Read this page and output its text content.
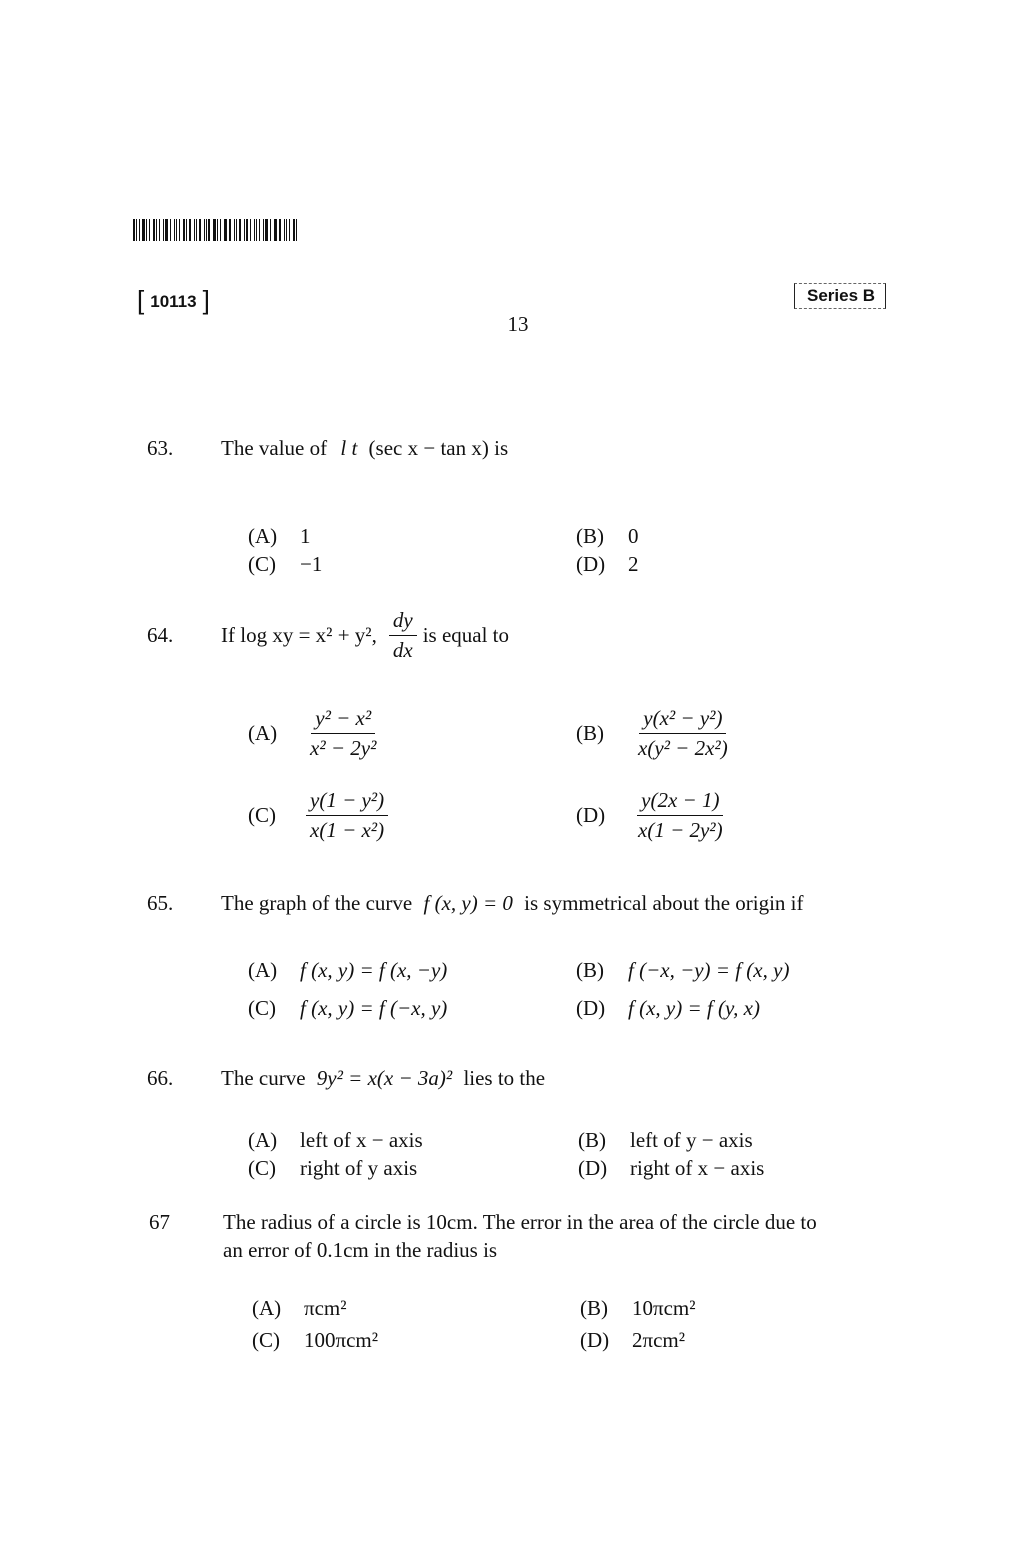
[ 10113 ]	Series B
13
63. The value of l t (sec x − tan x) is
(A) 1	(B) 0
(C) −1	(D) 2
64. If log xy = x² + y², $\frac{dy}{dx}$ is equal to
(A)	$\frac{\text{y² − x²}}{\text{x² − 2y²}}$	(B)	$\frac{\text{y(x² − y²)}}{\text{x(y² − 2x²)}}$
(C)	$\frac{\text{y(1 − y²)}}{\text{x(1 − x²)}}$	(D)	$\frac{y(2x - 1)}{\text{x(1 − 2y²)}}$
65. The graph of the curve f (x, y) = 0 is symmetrical about the origin if
(A) f (x, y) = f (x, −y)	(B) f (−x, −y) = f (x, y)
(C) f (x, y) = f (−x, y)	(D) f (x, y) = f (y, x)
66. The curve 9y² = x(x − 3a)² lies to the
(A) left of x − axis	(B) left of y − axis
(C) right of y axis	(D) right of x − axis
67	The radius of a circle is 10cm. The error in the area of the circle due to
an error of 0.1cm in the radius is
(A) πcm²	(B) 10πcm²
(C) 100πcm²	(D) 2πcm²
